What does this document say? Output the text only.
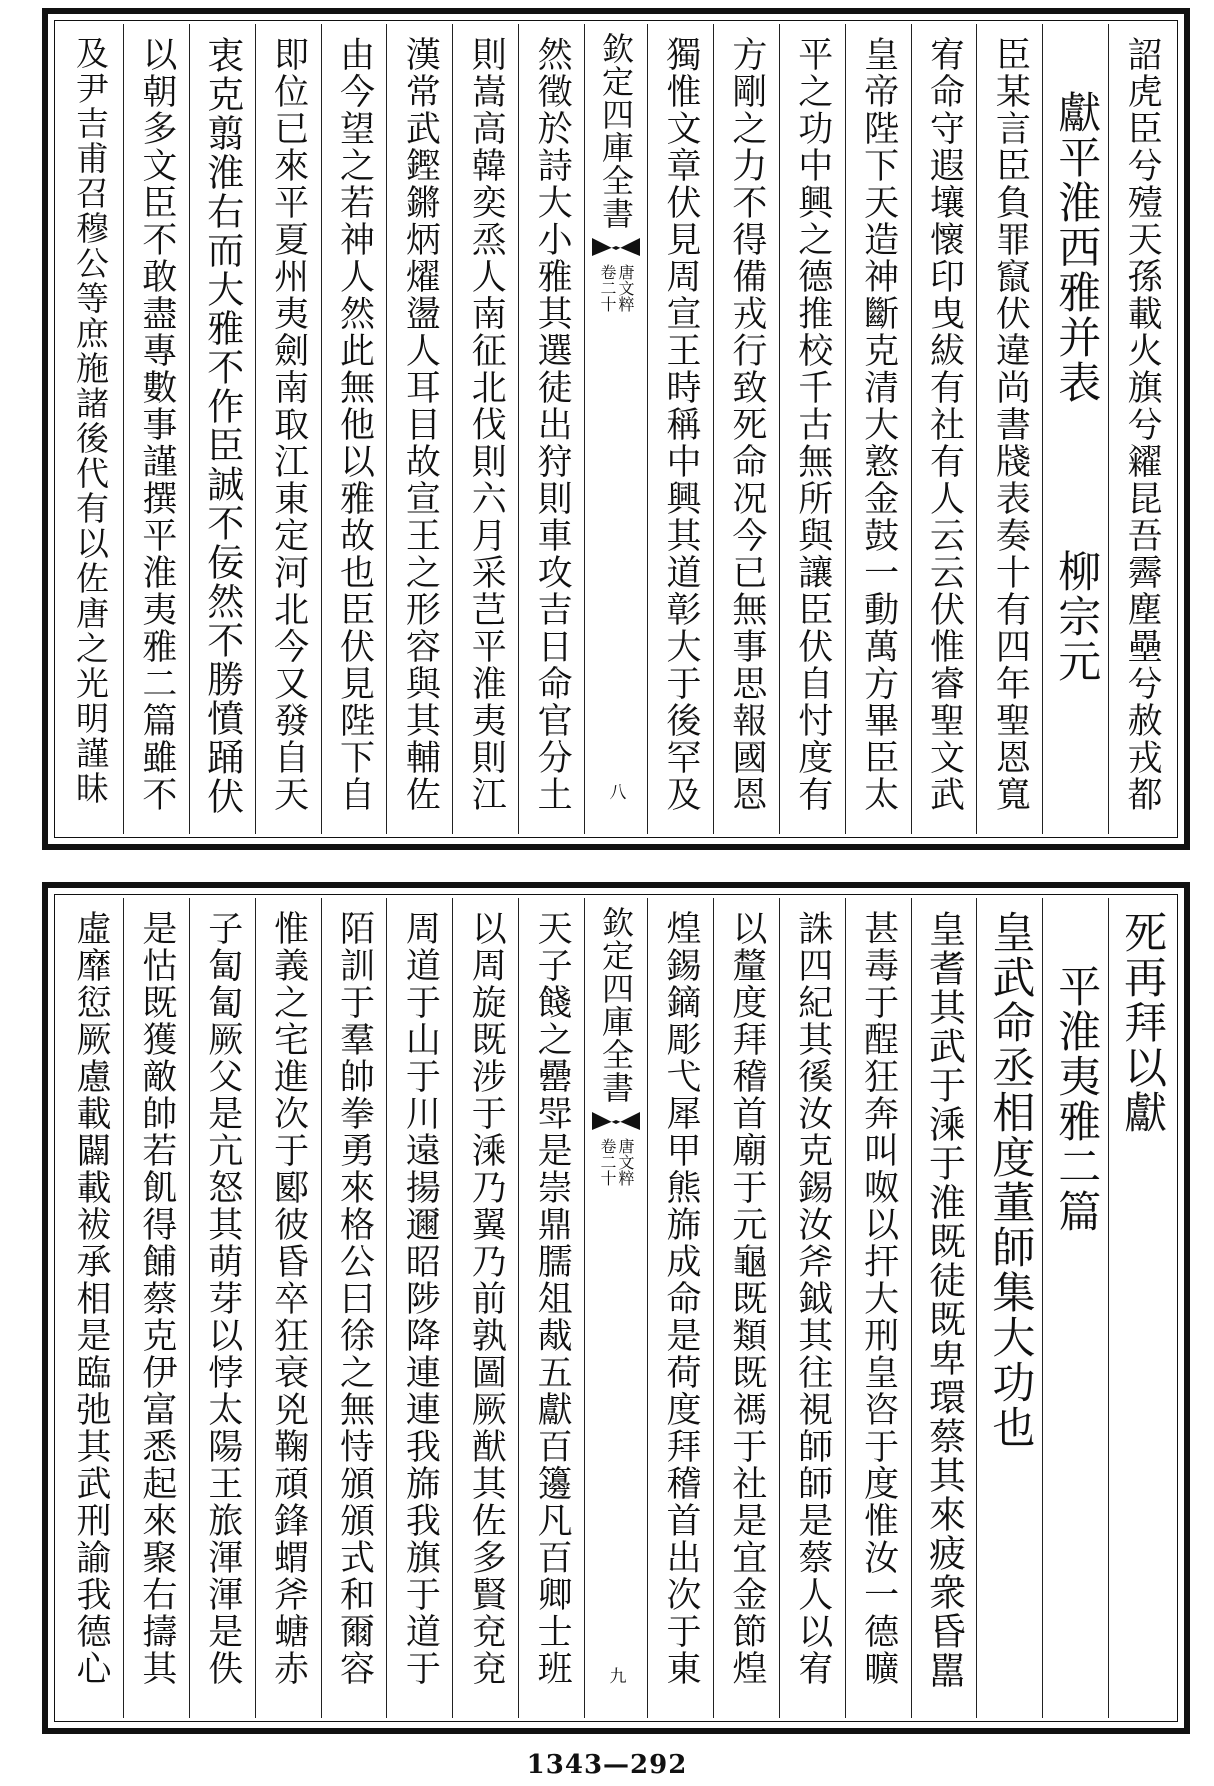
詔虎臣兮殪天孫載火旗兮糴昆吾霽塵壘兮赦戎都
獻平淮西雅并表
柳宗元
臣某言臣負罪竄伏違尚書牋表奏十有四年聖恩寬
宥命守遐壤懷印曳紱有社有人云云伏惟睿聖文武
皇帝陛下天造神斷克清大憝金鼓一動萬方畢臣太
平之功中興之德推校千古無所與讓臣伏自忖度有
方剛之力不得備戎行致死命况今已無事思報國恩
獨惟文章伏見周宣王時稱中興其道彰大于後罕及
欽定四庫全書
唐文粹
卷二十
八
然徵於詩大小雅其選徒出狩則車攻吉日命官分土
則嵩高韓奕烝人南征北伐則六月采芑平淮夷則江
漢常武鏗鏘炳燿盪人耳目故宣王之形容與其輔佐
由今望之若神人然此無他以雅故也臣伏見陛下自
即位已來平夏州夷劍南取江東定河北今又發自天
衷克翦淮右而大雅不作臣誠不佞然不勝憤踊伏
以朝多文臣不敢盡專數事謹撰平淮夷雅二篇雖不
及尹吉甫召穆公等庶施諸後代有以佐唐之光明謹昧
死再拜以獻
平淮夷雅二篇
皇武命丞相度董師集大功也
皇耆其武于溗于淮既徒既卑環蔡其來疲衆昏嚚
甚毒于酲狂奔叫呶以扞大刑皇咨于度惟汝一德曠
誅四紀其徯汝克錫汝斧鉞其往視師師是蔡人以宥
以釐度拜稽首廟于元龜既類既禡于社是宜金節煌
煌錫鏑彫弋犀甲熊旆成命是荷度拜稽首出次于東
欽定四庫全書
唐文粹
卷二十
九
天子餞之罍斝是崇鼎臑俎胾五獻百籩凡百卿士班
以周旋既涉于溗乃翼乃前孰圖厥猷其佐多賢兗兗
周道于山于川遠揚邇昭陟降連連我旆我旗于道于
陌訓于羣帥拳勇來格公曰徐之無恃頒頒式和爾容
惟義之宅進次于郾彼昏卒狂衰兇鞠頑鋒蝟斧螗赤
子匐匐厥父是亢怒其萌芽以悖太陽王旅渾渾是佚
是怙既獲敵帥若飢得餔蔡克伊富悉起來聚右擣其
虛靡愆厥慮載闢載袚承相是臨弛其武刑諭我德心
1343—292
